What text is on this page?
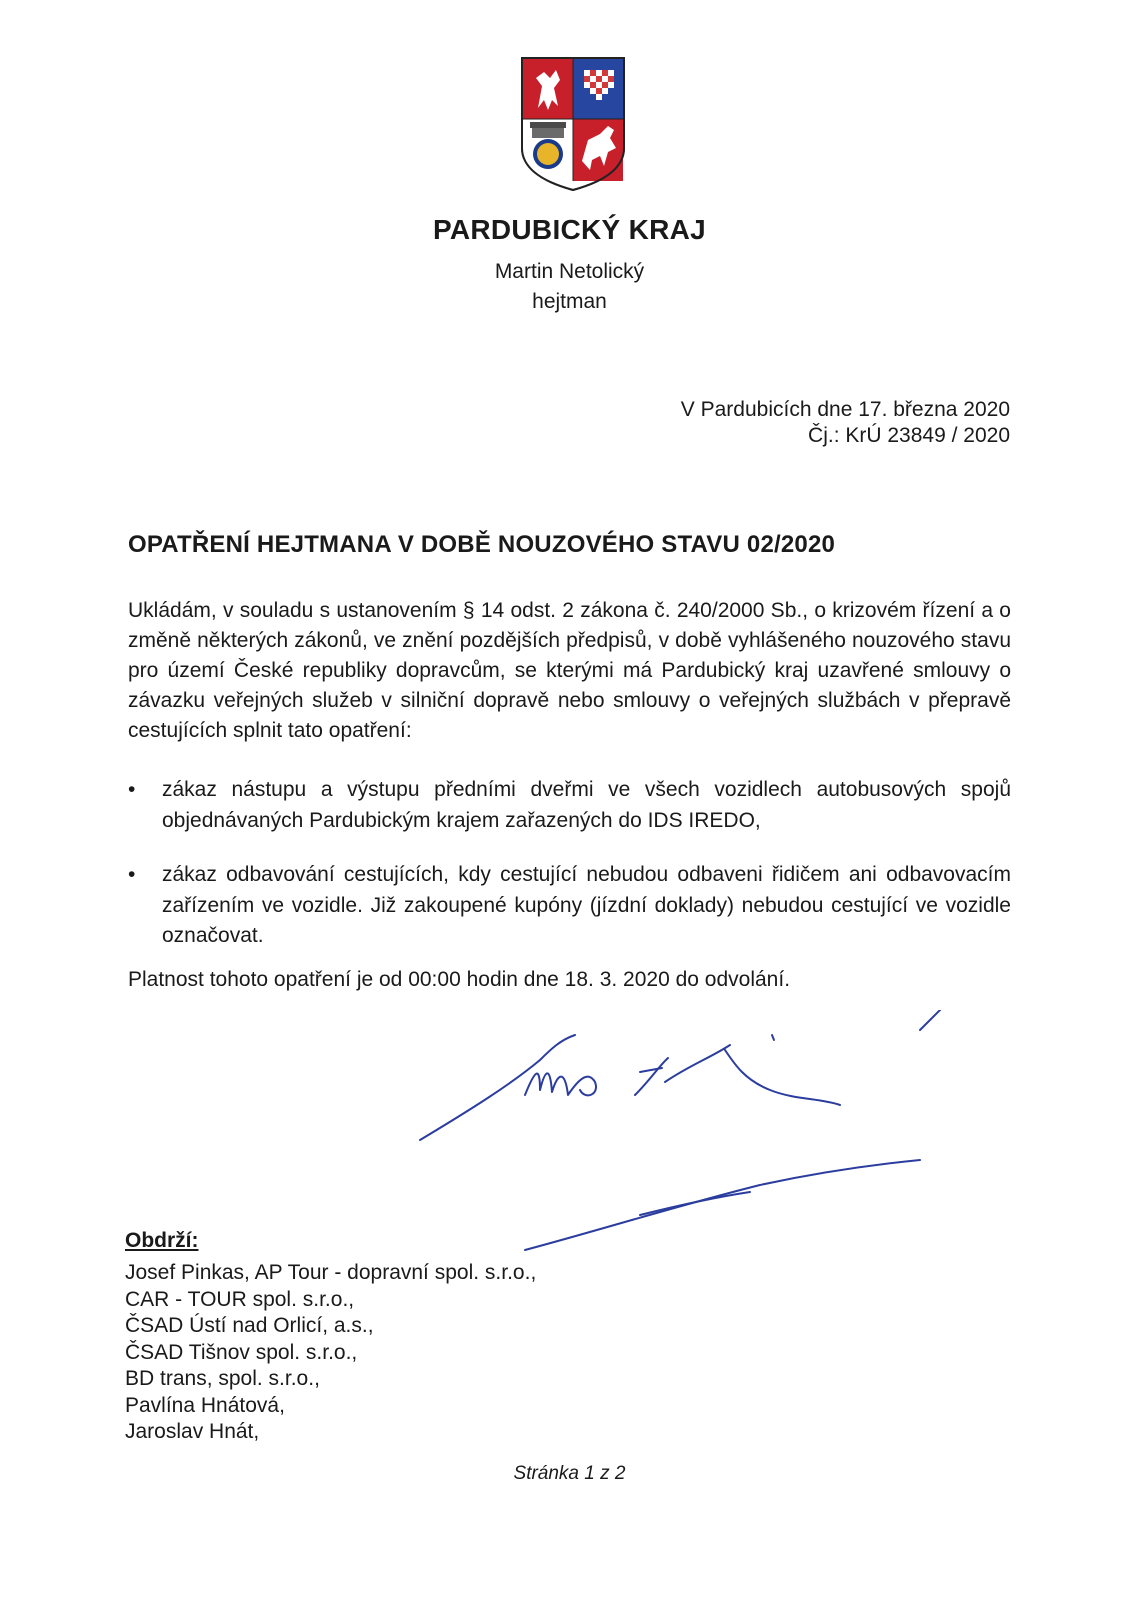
PARDUBICKÝ KRAJ
Martin Netolický
hejtman
V Pardubicích dne 17. března 2020
Čj.: KrÚ 23849 / 2020
OPATŘENÍ HEJTMANA V DOBĚ NOUZOVÉHO STAVU 02/2020
Ukládám, v souladu s ustanovením § 14 odst. 2 zákona č. 240/2000 Sb., o krizovém řízení a o změně některých zákonů, ve znění pozdějších předpisů, v době vyhlášeného nouzového stavu pro území České republiky dopravcům, se kterými má Pardubický kraj uzavřené smlouvy o závazku veřejných služeb v silniční dopravě nebo smlouvy o veřejných službách v přepravě cestujících splnit tato opatření:
•	zákaz nástupu a výstupu předními dveřmi ve všech vozidlech autobusových spojů objednávaných Pardubickým krajem zařazených do IDS IREDO,
•	zákaz odbavování cestujících, kdy cestující nebudou odbaveni řidičem ani odbavovacím zařízením ve vozidle. Již zakoupené kupóny (jízdní doklady) nebudou cestující ve vozidle označovat.
Platnost tohoto opatření je od 00:00 hodin dne 18. 3. 2020 do odvolání.
Obdrží:
Josef Pinkas, AP Tour - dopravní spol. s.r.o.,
CAR - TOUR spol. s.r.o.,
ČSAD Ústí nad Orlicí, a.s.,
ČSAD Tišnov spol. s.r.o.,
BD trans, spol. s.r.o.,
Pavlína Hnátová,
Jaroslav Hnát,
Stránka 1 z 2
